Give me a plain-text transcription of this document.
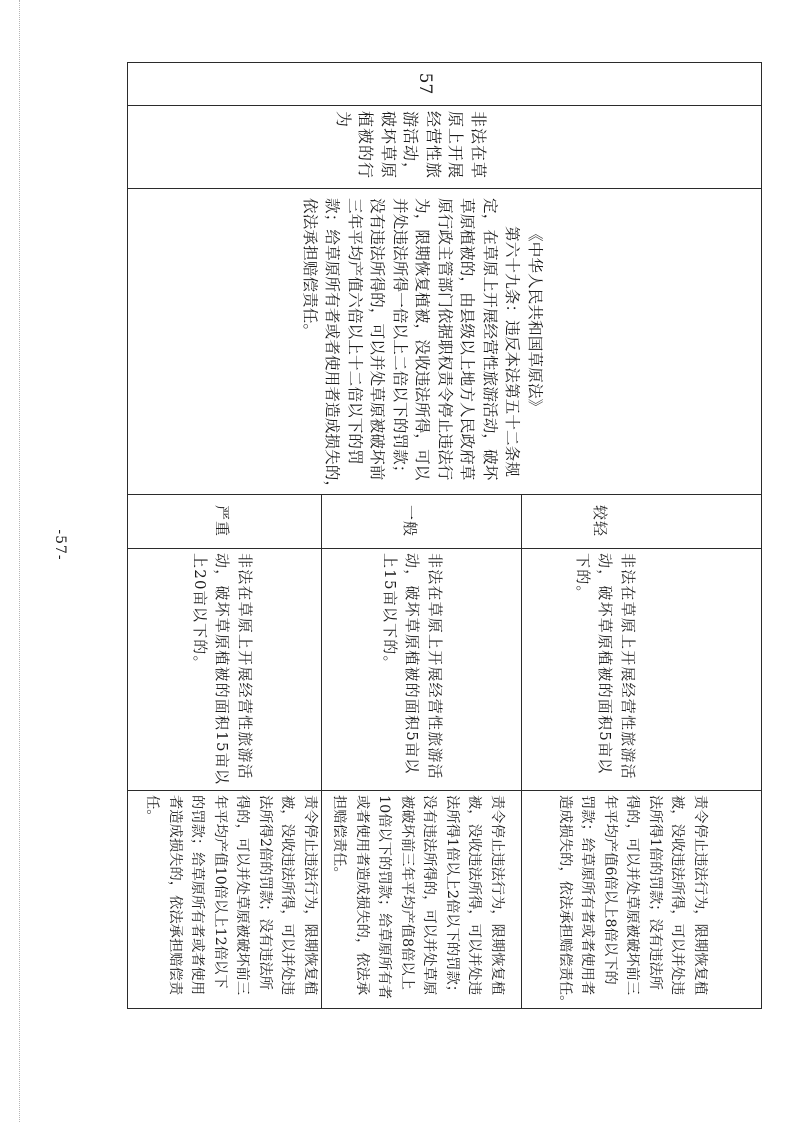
57
非法在草
原上开展
经营性旅
游活动，
破坏草原
植被的行
为
《中华人民共和国草原法》
第六十九条：违反本法第五十二条规
定，在草原上开展经营性旅游活动，破坏
草原植被的，由县级以上地方人民政府草
原行政主管部门依据职权责令停止违法行
为，限期恢复植被，没收违法所得，可以
并处违法所得一倍以上二倍以下的罚款；
没有违法所得的，可以并处草原被破坏前
三年平均产值六倍以上十二倍以下的罚
款；给草原所有者或者使用者造成损失的，
依法承担赔偿责任。
较轻
一般
严重
非法在草原上开展经营性旅游活
动，破坏草原植被的面积5亩以
下的。
非法在草原上开展经营性旅游活
动，破坏草原植被的面积5亩以
上15亩以下的。
非法在草原上开展经营性旅游活
动，破坏草原植被的面积15亩以
上20亩以下的。
责令停止违法行为，限期恢复植
被，没收违法所得，可以并处违
法所得1倍的罚款；没有违法所
得的，可以并处草原被破坏前三
年平均产值6倍以上8倍以下的
罚款；给草原所有者或者使用者
造成损失的，依法承担赔偿责任。
责令停止违法行为，限期恢复植
被，没收违法所得，可以并处违
法所得1倍以上2倍以下的罚款；
没有违法所得的，可以并处草原
被破坏前三年平均产值8倍以上
10倍以下的罚款；给草原所有者
或者使用者造成损失的，依法承
担赔偿责任。
责令停止违法行为，限期恢复植
被，没收违法所得，可以并处违
法所得2倍的罚款；没有违法所
得的，可以并处草原被破坏前三
年平均产值10倍以上12倍以下
的罚款；给草原所有者或者使用
者造成损失的，依法承担赔偿责
任。
-57-
